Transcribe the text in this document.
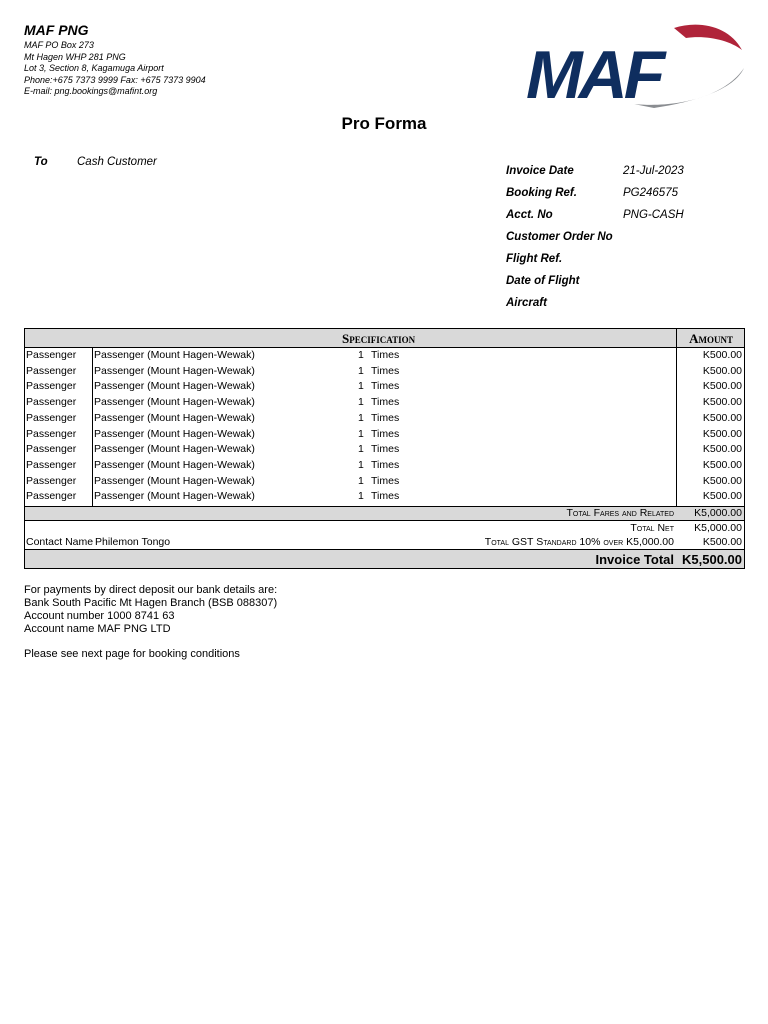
MAF PNG
MAF PO Box 273
Mt Hagen WHP 281 PNG
Lot 3, Section 8, Kagamuga Airport
Phone:+675 7373 9999 Fax: +675 7373 9904
E-mail: png.bookings@mafint.org	MAF
Pro Forma
To	Cash Customer
Invoice Date	21-Jul-2023
Booking Ref.	PG246575
Acct. No	PNG-CASH
Customer Order No
Flight Ref.
Date of Flight
Aircraft
Specification	Amount
Passenger Passenger (Mount Hagen-Wewak)	1 Times	K500.00
Passenger Passenger (Mount Hagen-Wewak)	1 Times	K500.00
Passenger Passenger (Mount Hagen-Wewak)	1 Times	K500.00
Passenger Passenger (Mount Hagen-Wewak)	1 Times	K500.00
Passenger Passenger (Mount Hagen-Wewak)	1 Times	K500.00
Passenger Passenger (Mount Hagen-Wewak)	1 Times	K500.00
Passenger Passenger (Mount Hagen-Wewak)	1 Times	K500.00
Passenger Passenger (Mount Hagen-Wewak)	1 Times	K500.00
Passenger Passenger (Mount Hagen-Wewak)	1 Times	K500.00
Passenger Passenger (Mount Hagen-Wewak)	1 Times	K500.00
Total Fares and Related K5,000.00
Total Net K5,000.00
Contact Name Philemon Tongo	Total GST Standard 10% over K5,000.00	K500.00
Invoice Total K5,500.00
For payments by direct deposit our bank details are:
Bank South Pacific Mt Hagen Branch (BSB 088307)
Account number 1000 8741 63
Account name MAF PNG LTD
Please see next page for booking conditions
